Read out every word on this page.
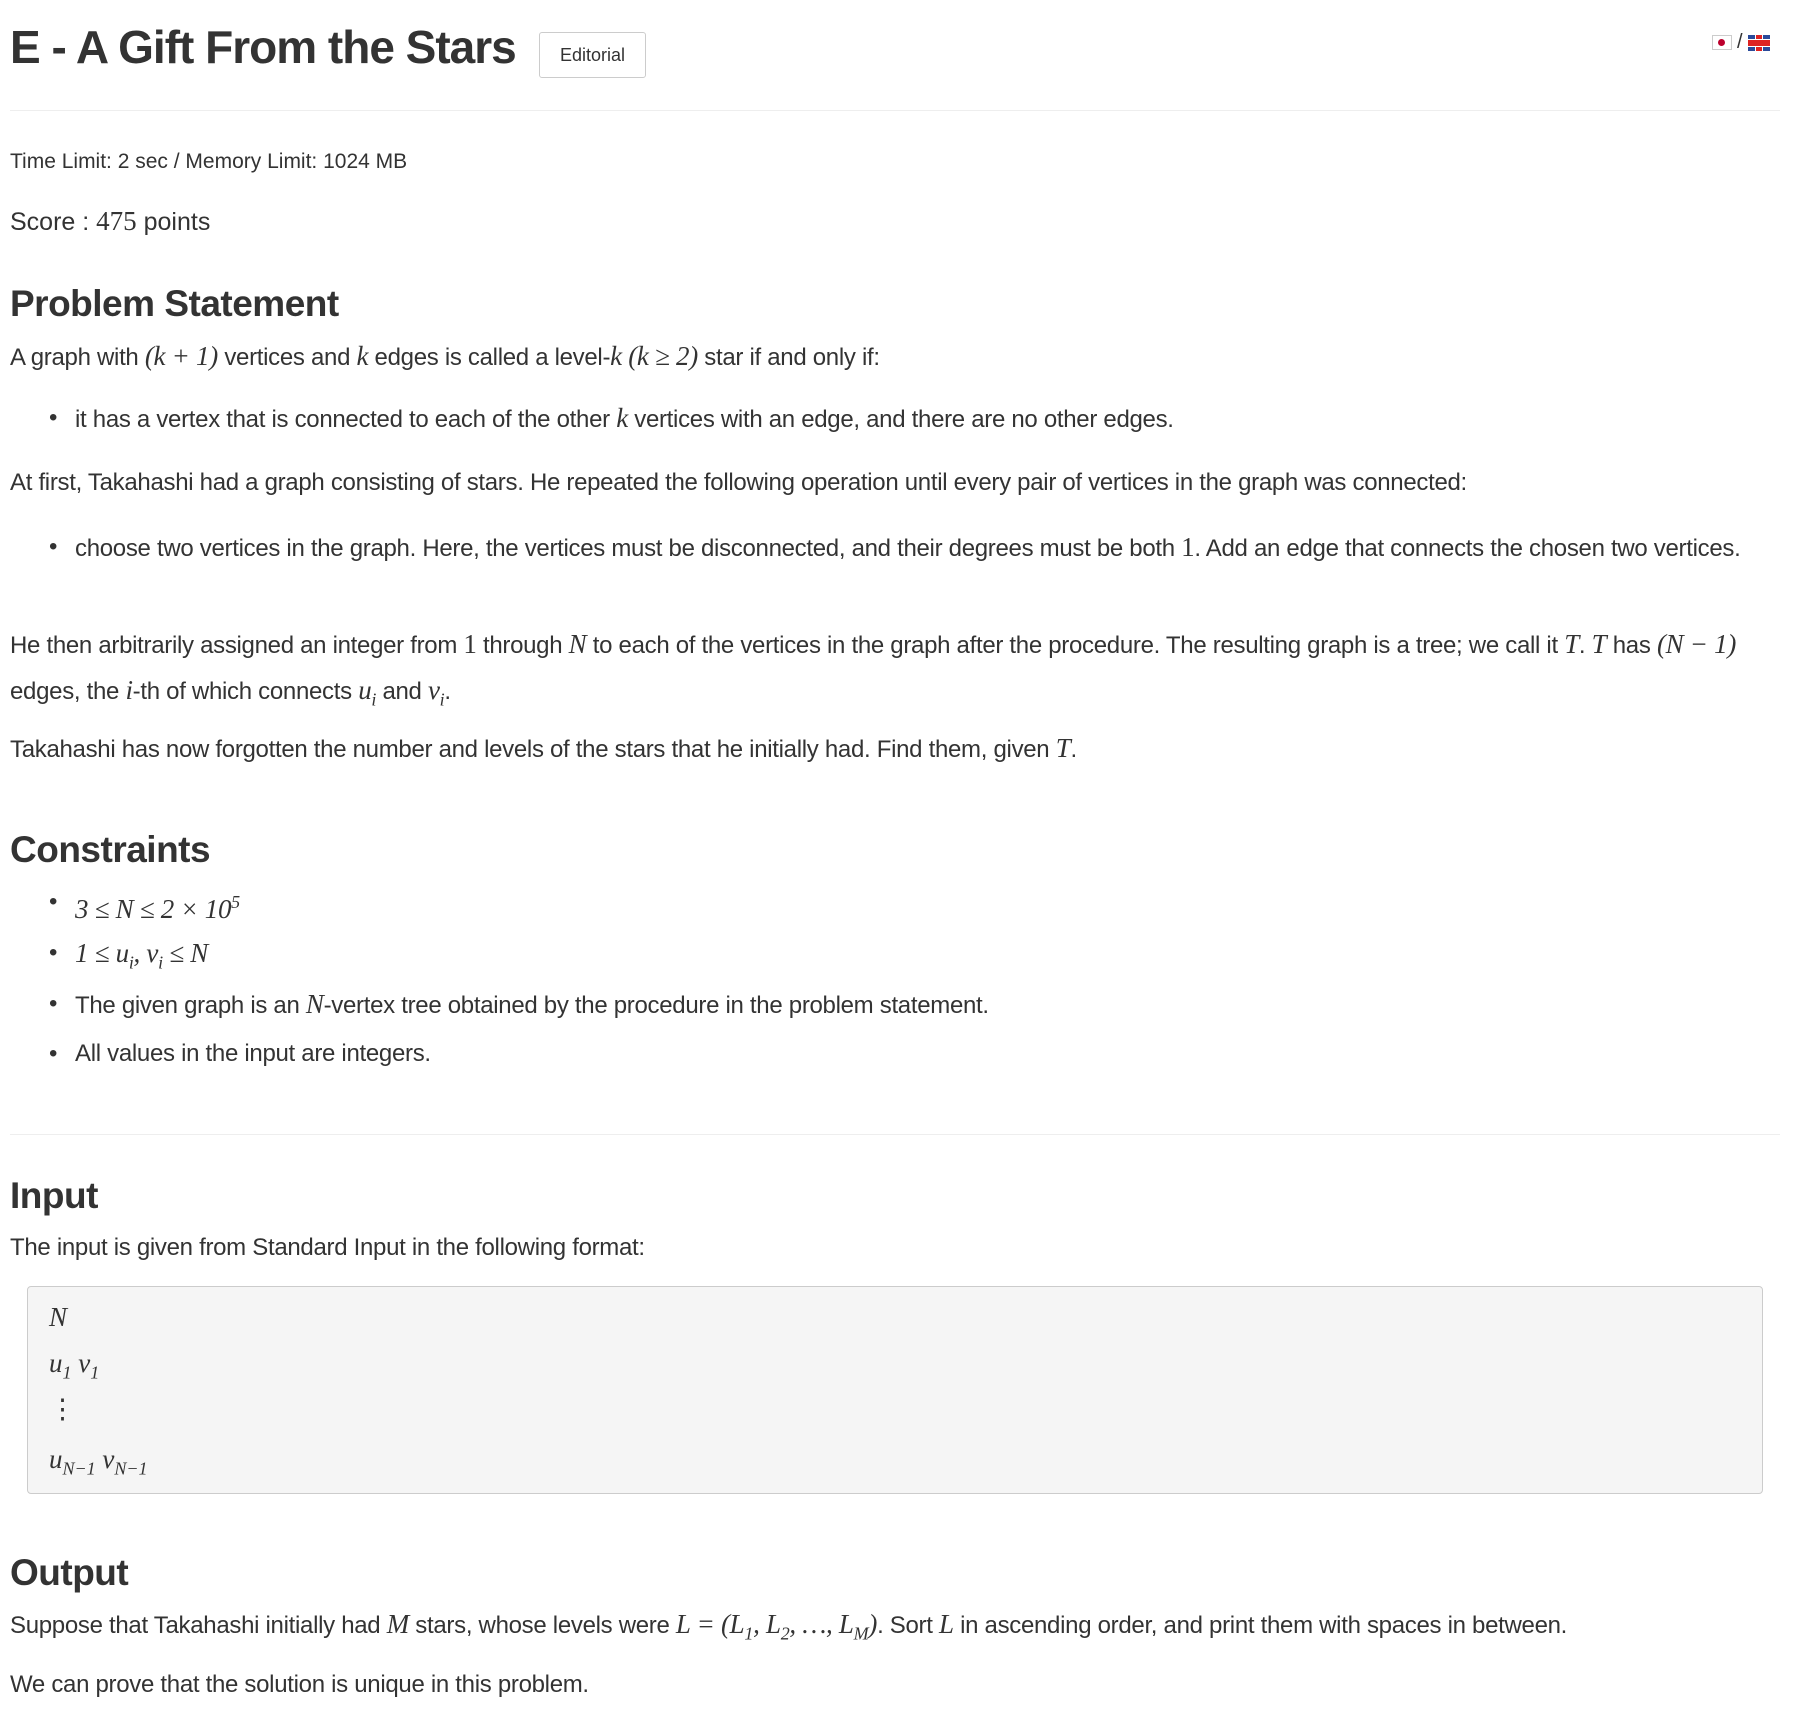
E - A Gift From the Stars	Editorial
/
Time Limit: 2 sec / Memory Limit: 1024 MB
Score : 475 points
Problem Statement
A graph with (k + 1) vertices and k edges is called a level-k (k ≥ 2) star if and only if:
• it has a vertex that is connected to each of the other k vertices with an edge, and there are no other edges.
At first, Takahashi had a graph consisting of stars. He repeated the following operation until every pair of vertices in the graph was connected:
• choose two vertices in the graph. Here, the vertices must be disconnected, and their degrees must be both 1. Add an edge that connects the chosen two vertices.
He then arbitrarily assigned an integer from 1 through N to each of the vertices in the graph after the procedure. The resulting graph is a tree; we call it T. T has (N − 1) edges, the i-th of which connects $u_i$ and $v_i$.
Takahashi has now forgotten the number and levels of the stars that he initially had. Find them, given T.
Constraints
• $3 \le N \le 2 \times 10^5$
• $1 \le u_i$, $v_i \le N$
• The given graph is an N-vertex tree obtained by the procedure in the problem statement.
• All values in the input are integers.
Input
The input is given from Standard Input in the following format:
N
$u_1$ $v_1$
⋮
$u_{N-1}$ $v_{N-1}$
Output
Suppose that Takahashi initially had M stars, whose levels were $L = (L_1$, $L_2$, …, $L_M$). Sort L in ascending order, and print them with spaces in between.
We can prove that the solution is unique in this problem.
